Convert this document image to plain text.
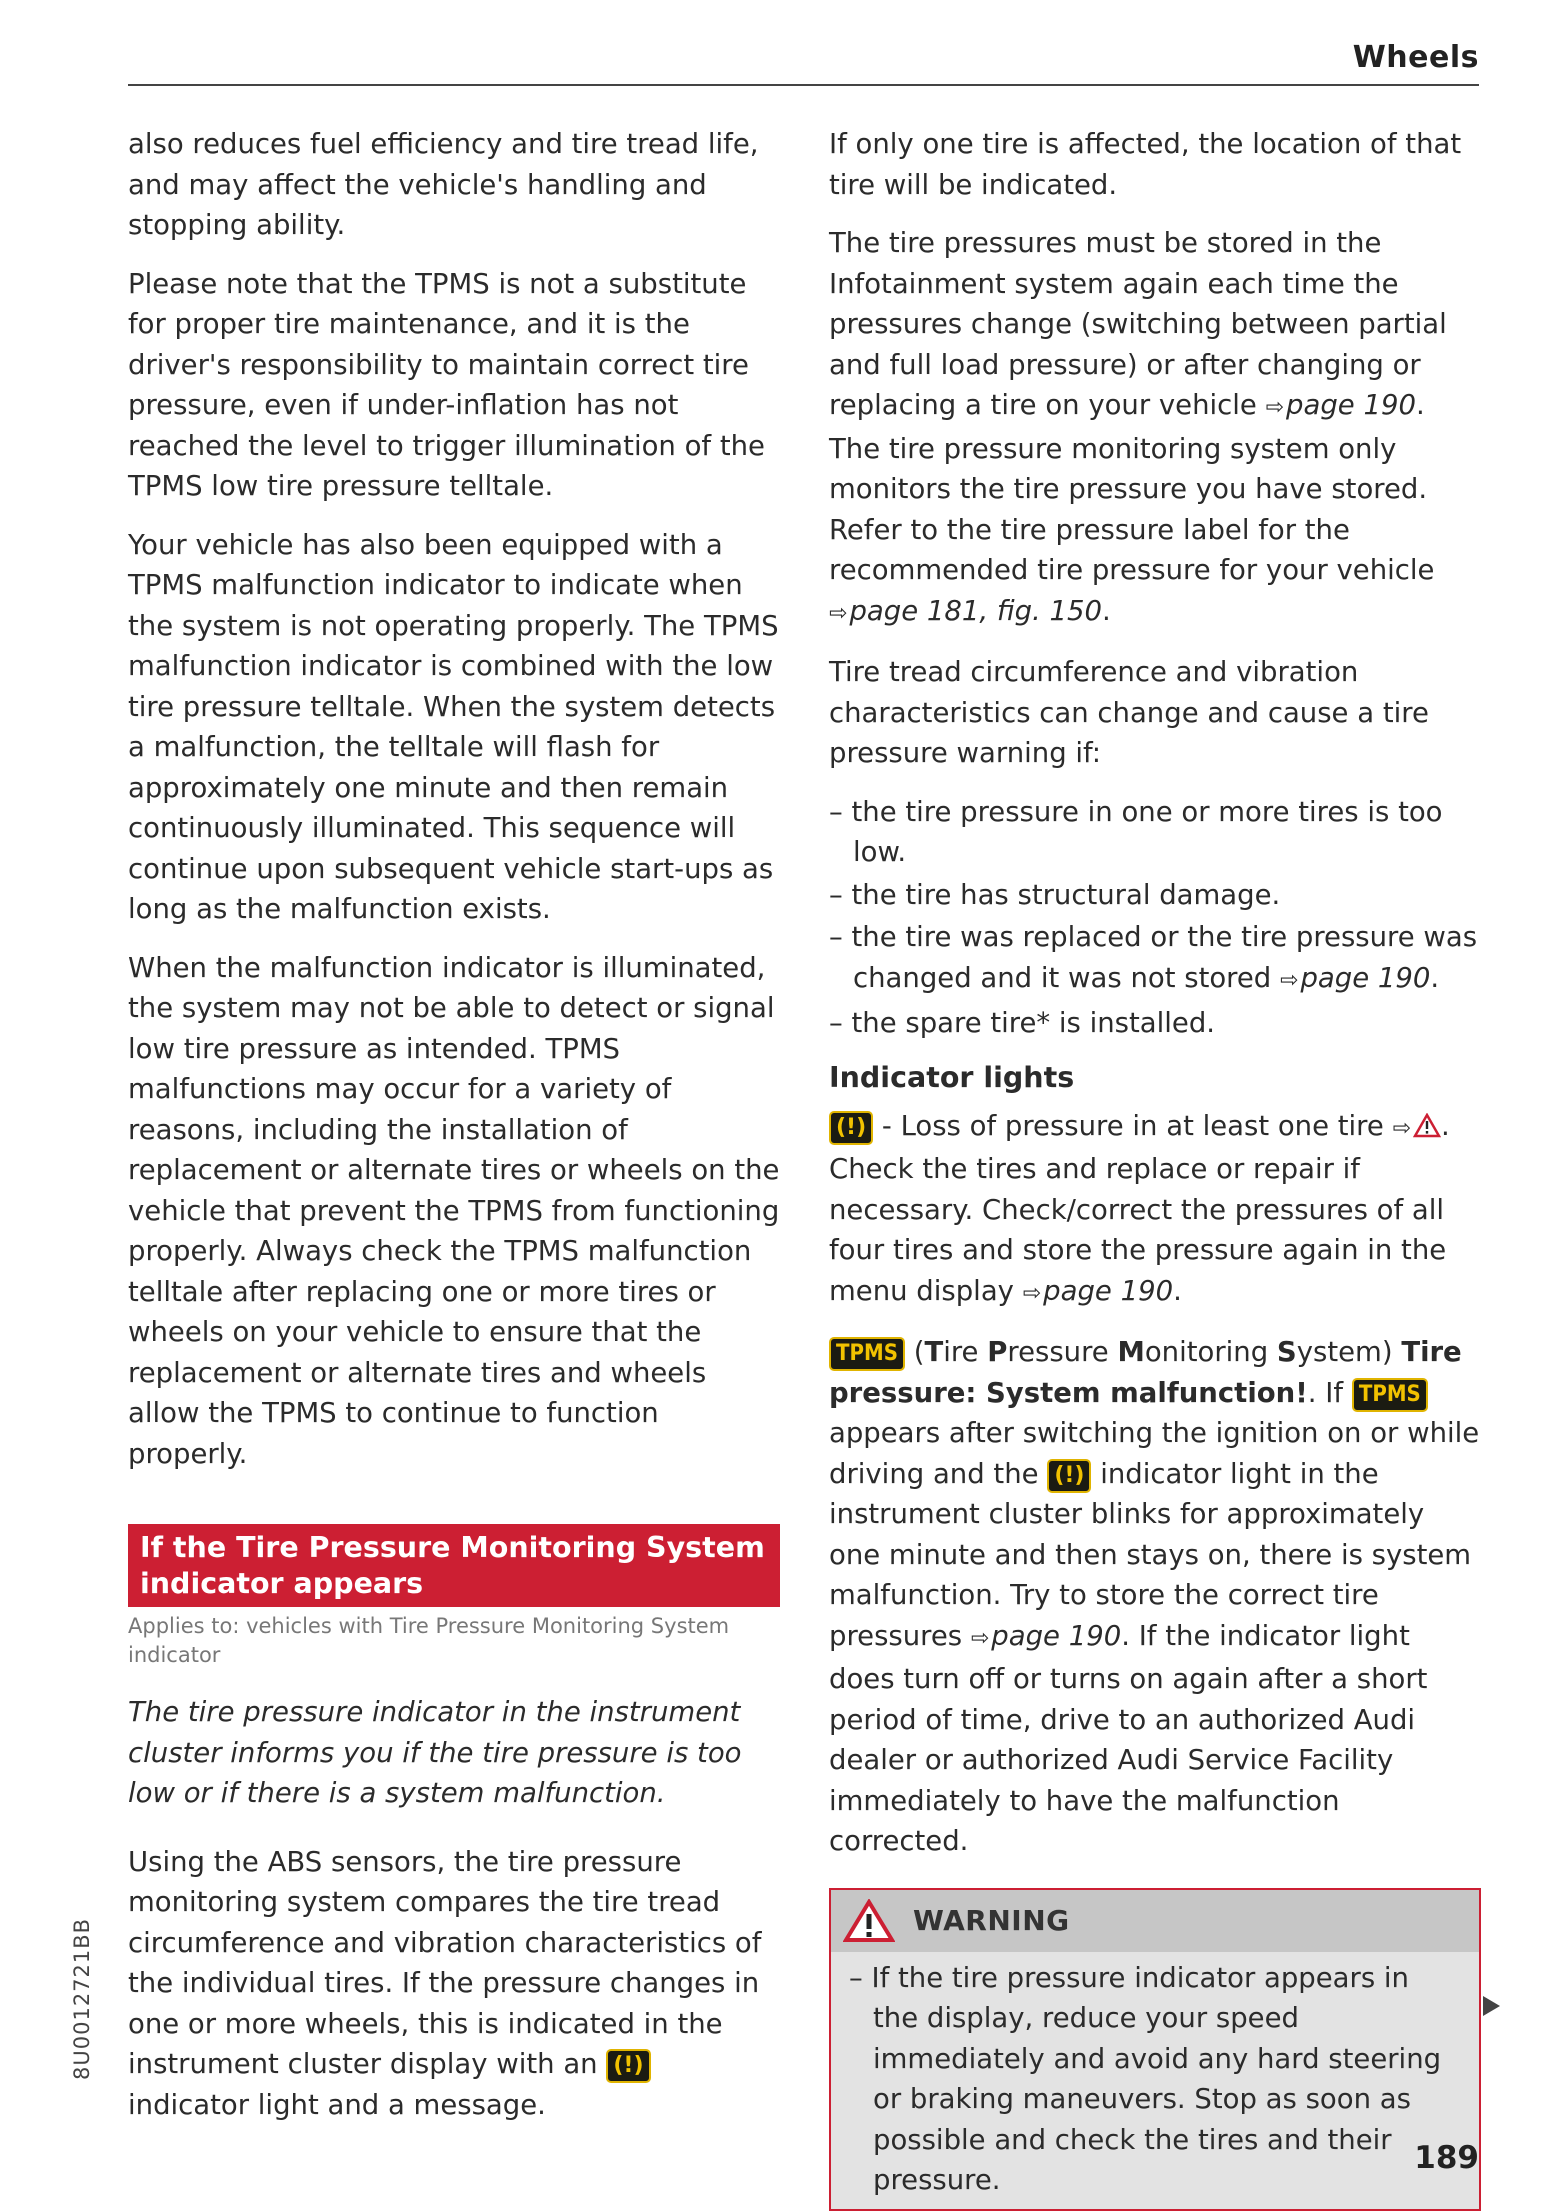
Wheels

also reduces fuel efficiency and tire tread life, and may affect the vehicle's handling and stopping ability.

Please note that the TPMS is not a substitute for proper tire maintenance, and it is the driver's responsibility to maintain correct tire pressure, even if under-inflation has not reached the level to trigger illumination of the TPMS low tire pressure telltale.

Your vehicle has also been equipped with a TPMS malfunction indicator to indicate when the system is not operating properly. The TPMS malfunction indicator is combined with the low tire pressure telltale. When the system detects a malfunction, the telltale will flash for approximately one minute and then remain continuously illuminated. This sequence will continue upon subsequent vehicle start-ups as long as the malfunction exists.

When the malfunction indicator is illuminated, the system may not be able to detect or signal low tire pressure as intended. TPMS malfunctions may occur for a variety of reasons, including the installation of replacement or alternate tires or wheels on the vehicle that prevent the TPMS from functioning properly. Always check the TPMS malfunction telltale after replacing one or more tires or wheels on your vehicle to ensure that the replacement or alternate tires and wheels allow the TPMS to continue to function properly.

If the Tire Pressure Monitoring System indicator appears
Applies to: vehicles with Tire Pressure Monitoring System indicator

The tire pressure indicator in the instrument cluster informs you if the tire pressure is too low or if there is a system malfunction.

Using the ABS sensors, the tire pressure monitoring system compares the tire tread circumference and vibration characteristics of the individual tires. If the pressure changes in one or more wheels, this is indicated in the instrument cluster display with an (!) indicator light and a message.

If only one tire is affected, the location of that tire will be indicated.

The tire pressures must be stored in the Infotainment system again each time the pressures change (switching between partial and full load pressure) or after changing or replacing a tire on your vehicle ⇨page 190. The tire pressure monitoring system only monitors the tire pressure you have stored. Refer to the tire pressure label for the recommended tire pressure for your vehicle ⇨page 181, fig. 150.

Tire tread circumference and vibration characteristics can change and cause a tire pressure warning if:

– the tire pressure in one or more tires is too low.
– the tire has structural damage.
– the tire was replaced or the tire pressure was changed and it was not stored ⇨page 190.
– the spare tire* is installed.
Indicator lights

(!) - Loss of pressure in at least one tire ⇨ . Check the tires and replace or repair if necessary. Check/correct the pressures of all four tires and store the pressure again in the menu display ⇨page 190.

TPMS (Tire Pressure Monitoring System) Tire pressure: System malfunction!. If TPMS appears after switching the ignition on or while driving and the (!) indicator light in the instrument cluster blinks for approximately one minute and then stays on, there is system malfunction. Try to store the correct tire pressures ⇨page 190. If the indicator light does turn off or turns on again after a short period of time, drive to an authorized Audi dealer or authorized Audi Service Facility immediately to have the malfunction corrected.

WARNING
– If the tire pressure indicator appears in the display, reduce your speed immediately and avoid any hard steering or braking maneuvers. Stop as soon as possible and check the tires and their pressure.
8U0012721BB
189
